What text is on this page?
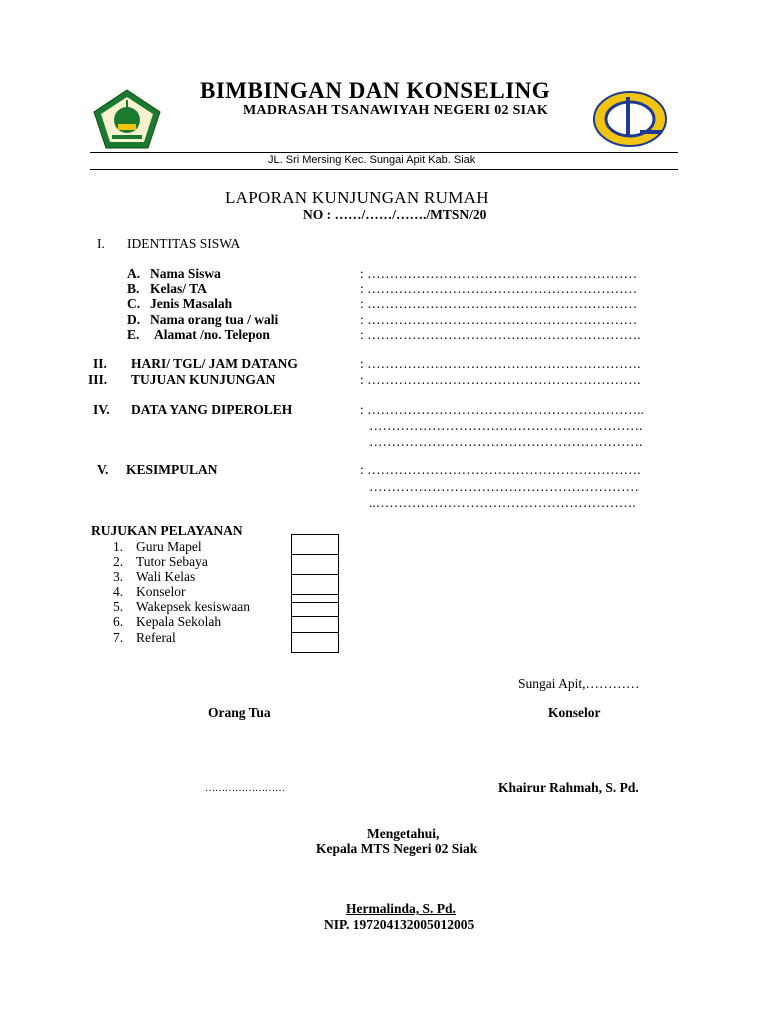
BIMBINGAN DAN KONSELING
MADRASAH TSANAWIYAH NEGERI 02 SIAK
JL. Sri Mersing Kec. Sungai Apit Kab. Siak
LAPORAN KUNJUNGAN RUMAH
NO : ……/……/……./MTSN/20
I. IDENTITAS SISWA
A. Nama Siswa	: ……………………………………………………
B. Kelas/ TA	: ……………………………………………………
C. Jenis Masalah	: ……………………………………………………
D. Nama orang tua / wali	: ……………………………………………………
E. Alamat /no. Telepon	: …………………………………………………….
II. HARI/ TGL/ JAM DATANG	: …………………………………………………….
III. TUJUAN KUNJUNGAN	: …………………………………………………….
IV. DATA YANG DIPEROLEH	: ……………………………………………………..
…………………………………………………….
…………………………………………………….
V. KESIMPULAN	: …………………………………………………….
……………………………………………………
..………………………………………………….
RUJUKAN PELAYANAN
1. Guru Mapel
2. Tutor Sebaya
3. Wali Kelas
4. Konselor
5. Wakepsek kesiswaan
6. Kepala Sekolah
7. Referal
Sungai Apit,…………
Orang Tua	Konselor
……………………	Khairur Rahmah, S. Pd.
Mengetahui,
Kepala MTS Negeri 02 Siak
Hermalinda, S. Pd.
NIP. 197204132005012005
